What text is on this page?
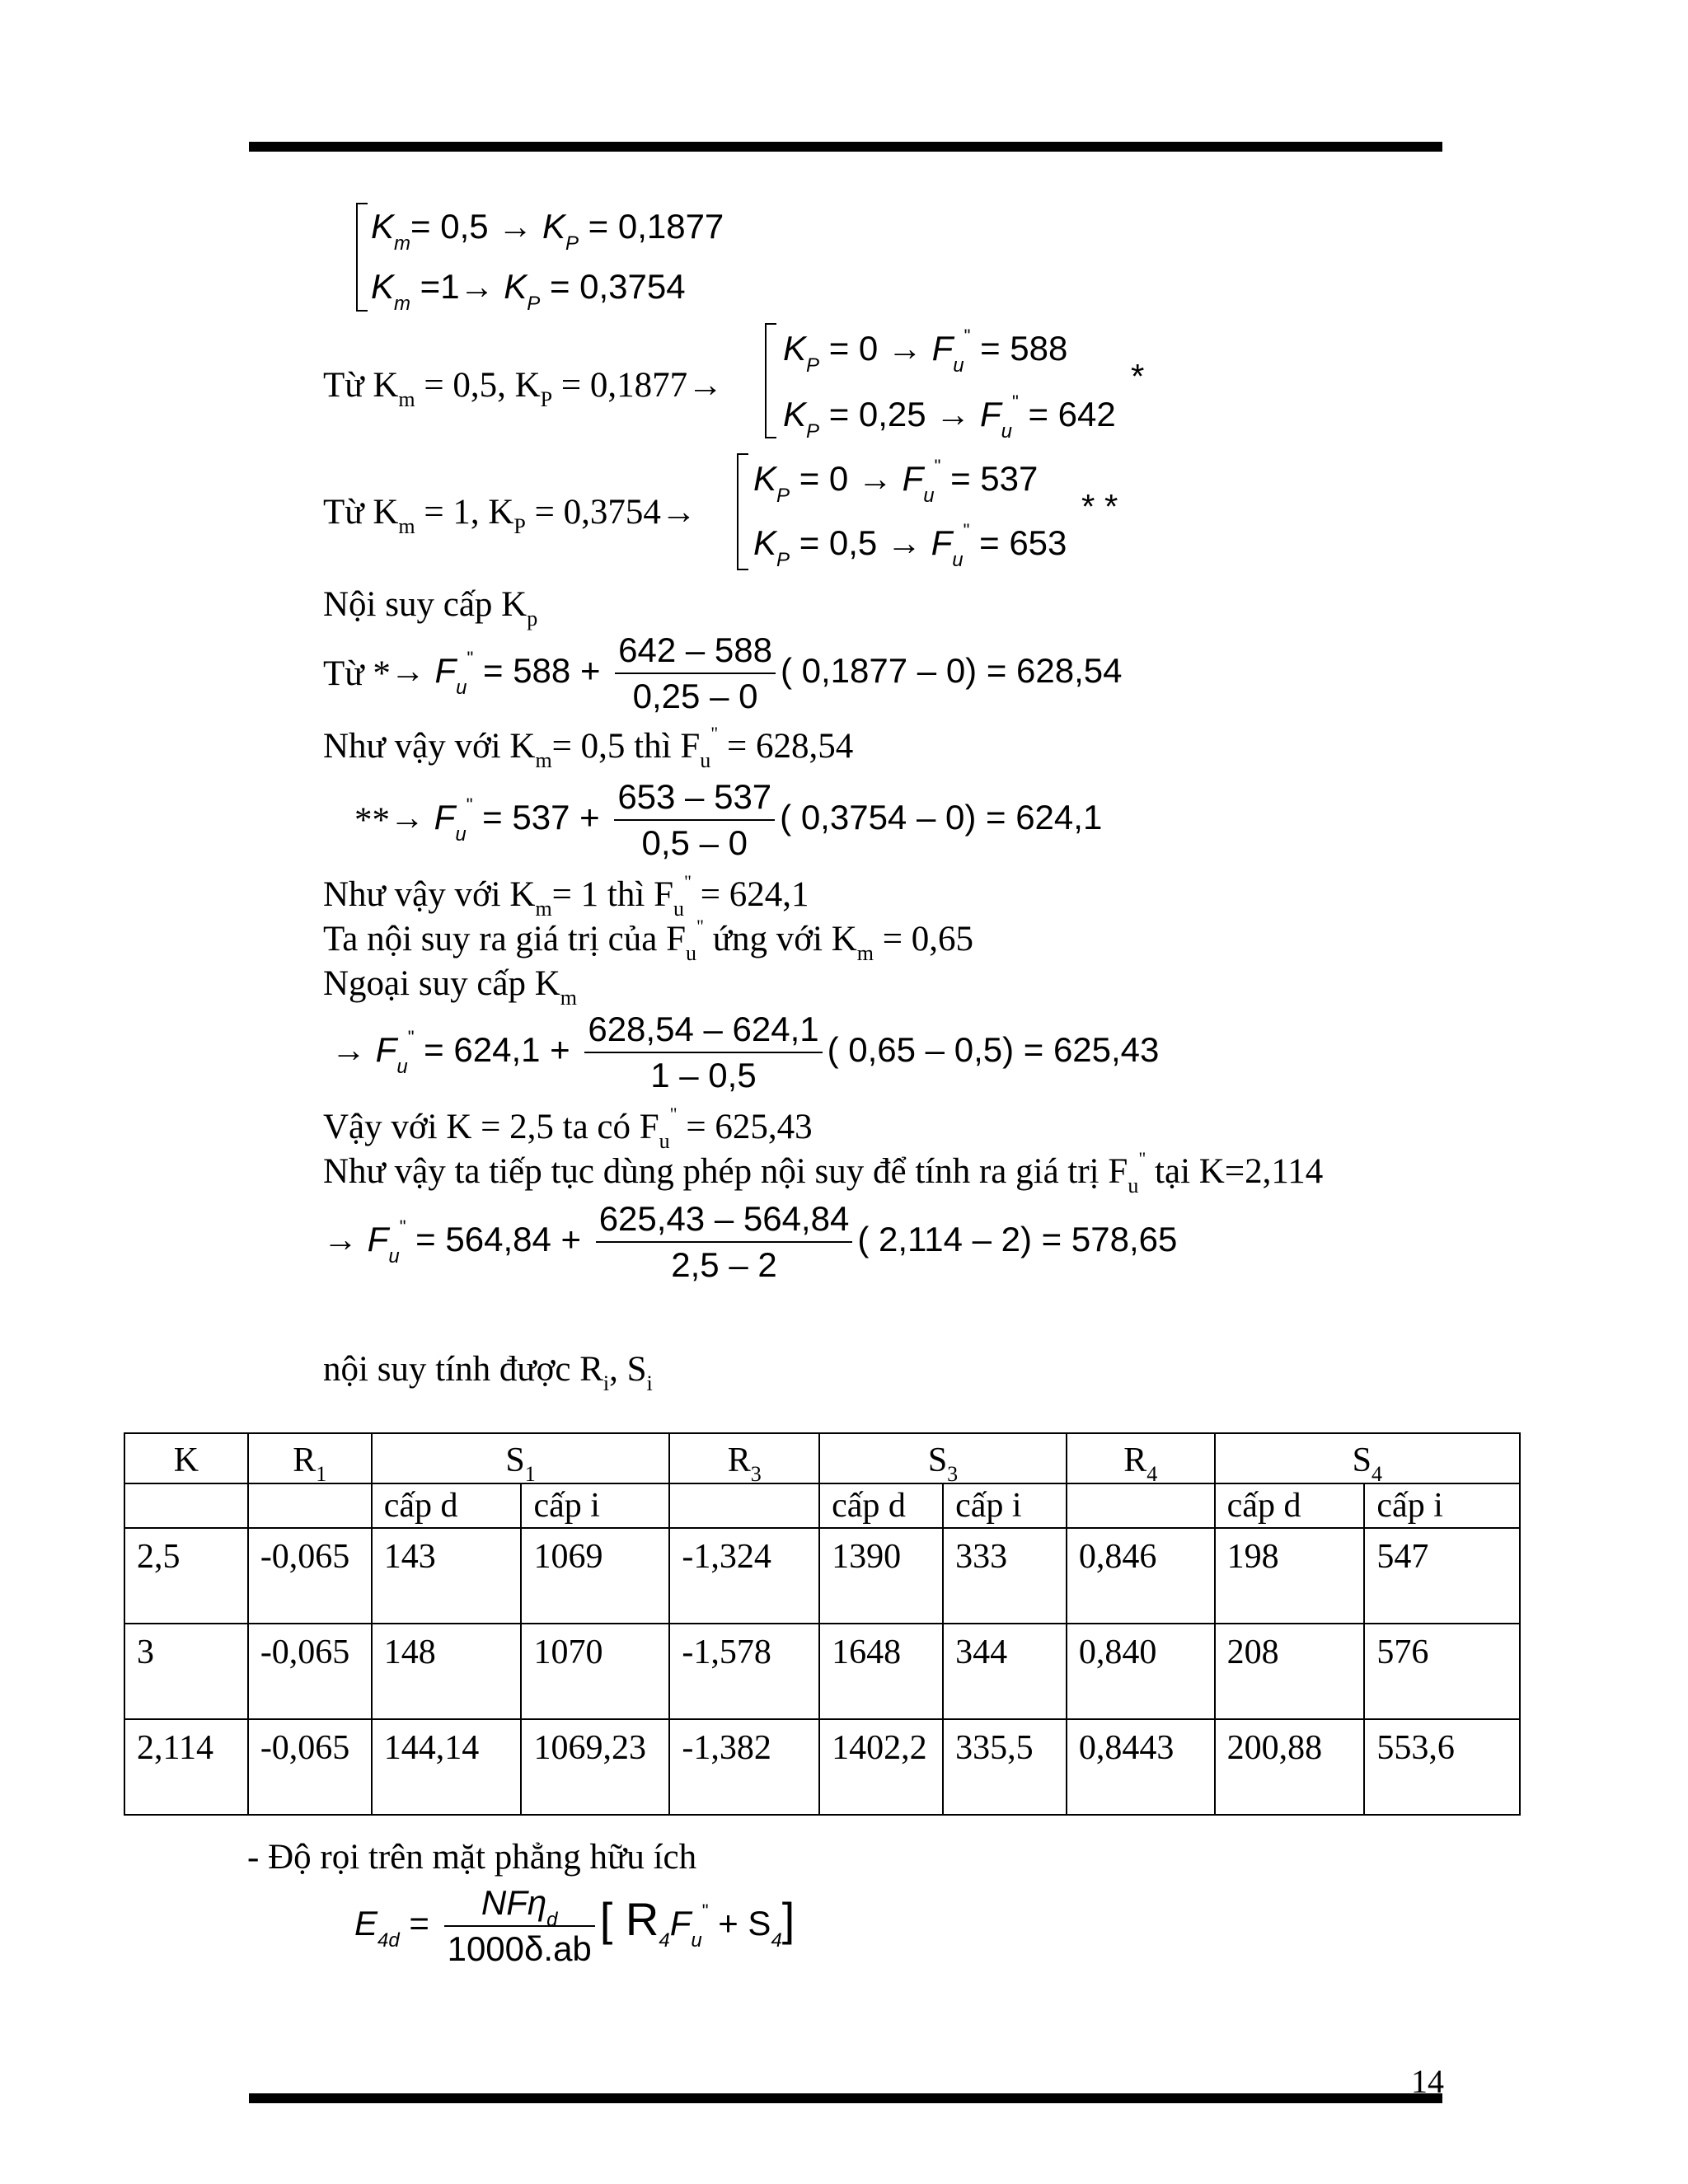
$K_m= 0,5 \to K_P = 0,1877$
$K_m =1\to K_P = 0,3754$
Từ $K_m = 0,5$, $K_P = 0,1877\to$
$K_P = 0 \to F_u^" = 588$
$K_P = 0,25 \to F_u^" = 642$
*
Từ $K_m = 1$, $K_P = 0,3754\to$
$K_P = 0 \to F_u^" = 537$
$K_P = 0,5 \to F_u^" = 653$
* *
Nội suy cấp $K_p$
Từ * → $F_u^" = 588 + \frac{642 - 588}{0,25 - 0}$ ( 0,1877 – 0) = 628,54
Như vậy với $K_m= 0,5$ thì $F_u^" = 628,54$
** → $F_u^" = 537 + \frac{653 - 537}{0,5 - 0}$ ( 0,3754 – 0) = 624,1
Như vậy với $K_m= 1$ thì $F_u^" = 624,1$
Ta nội suy ra giá trị của $F_u^"$ ứng với $K_m = 0,65$
Ngoại suy cấp $K_m$
→ $F_u^" = 624,1 + \frac{628,54 - 624,1}{1 - 0,5}$ ( 0,65 – 0,5) = 625,43
Vậy với K = 2,5 ta có $F_u^" = 625,43$
Như vậy ta tiếp tục dùng phép nội suy để tính ra giá trị $F_u^"$ tại K=2,114
→ $F_u^" = 564,84 + \frac{625,43 - 564,84}{2,5 - 2}$ ( 2,114 – 2) = 578,65
nội suy tính được $R_i$, $S_i$
K	$R_1$	$S_1$		$R_3$	$S_3$		$R_4$	$S_4$
		cấp d	cấp i		cấp d	cấp i		cấp d	cấp i
2,5	-0,065	143	1069	-1,324	1390	333	0,846	198	547
3	-0,065	148	1070	-1,578	1648	344	0,840	208	576
2,114	-0,065	144,14	1069,23	-1,382	1402,2	335,5	0,8443	200,88	553,6
- Độ rọi trên mặt phẳng hữu ích
$E_{4d} = \frac{NF\eta_d}{1000\delta.ab}$ [ $R_4F_u^" + S_4$]
14
